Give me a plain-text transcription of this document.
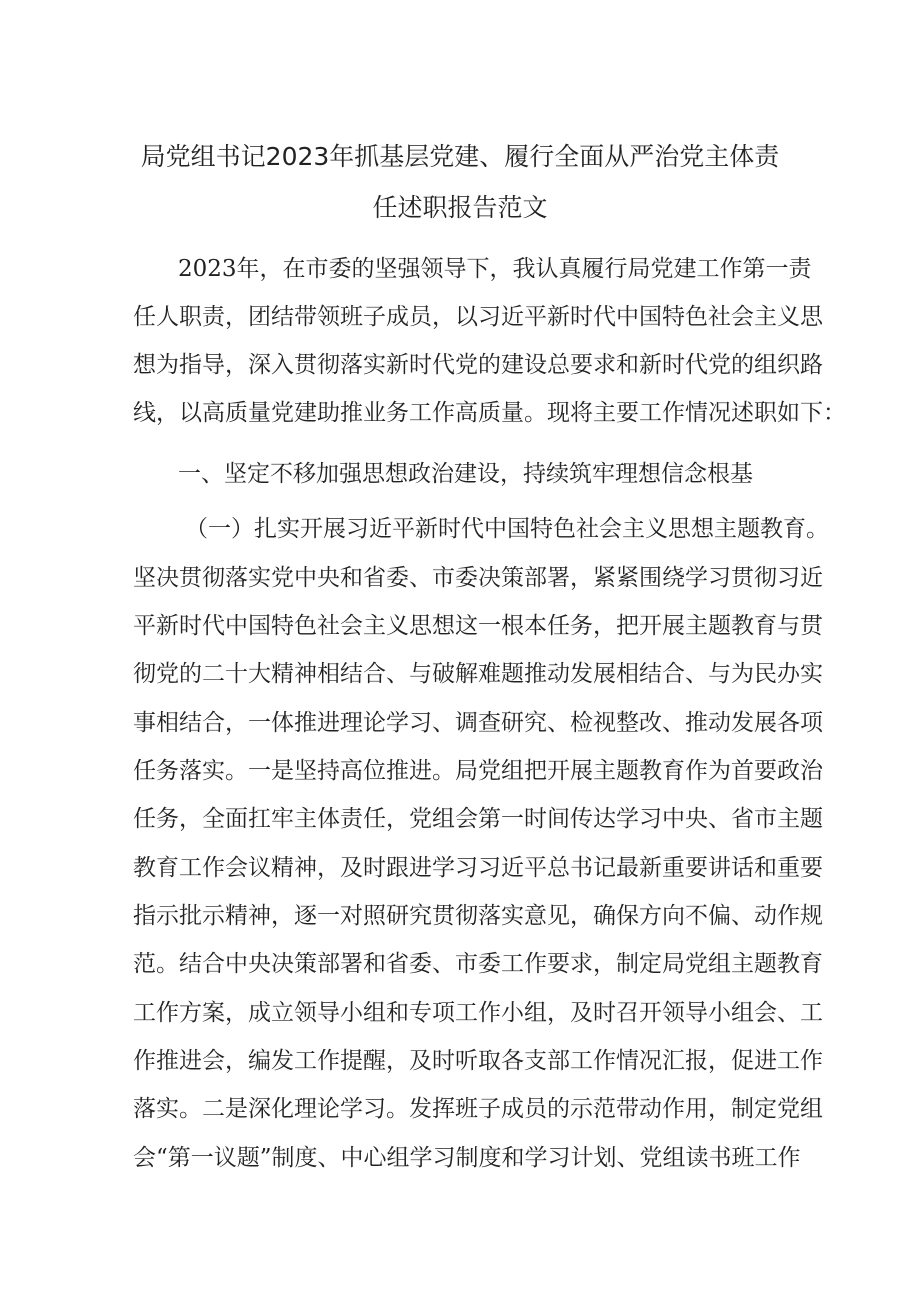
局党组书记2023年抓基层党建、履行全面从严治党主体责
任述职报告范文
2023年，在市委的坚强领导下，我认真履行局党建工作第一责
任人职责，团结带领班子成员，以习近平新时代中国特色社会主义思
想为指导，深入贯彻落实新时代党的建设总要求和新时代党的组织路
线，以高质量党建助推业务工作高质量。现将主要工作情况述职如下：
一、坚定不移加强思想政治建设，持续筑牢理想信念根基
（一）扎实开展习近平新时代中国特色社会主义思想主题教育。
坚决贯彻落实党中央和省委、市委决策部署，紧紧围绕学习贯彻习近
平新时代中国特色社会主义思想这一根本任务，把开展主题教育与贯
彻党的二十大精神相结合、与破解难题推动发展相结合、与为民办实
事相结合，一体推进理论学习、调查研究、检视整改、推动发展各项
任务落实。一是坚持高位推进。局党组把开展主题教育作为首要政治
任务，全面扛牢主体责任，党组会第一时间传达学习中央、省市主题
教育工作会议精神，及时跟进学习习近平总书记最新重要讲话和重要
指示批示精神，逐一对照研究贯彻落实意见，确保方向不偏、动作规
范。结合中央决策部署和省委、市委工作要求，制定局党组主题教育
工作方案，成立领导小组和专项工作小组，及时召开领导小组会、工
作推进会，编发工作提醒，及时听取各支部工作情况汇报，促进工作
落实。二是深化理论学习。发挥班子成员的示范带动作用，制定党组
会“第一议题”制度、中心组学习制度和学习计划、党组读书班工作
